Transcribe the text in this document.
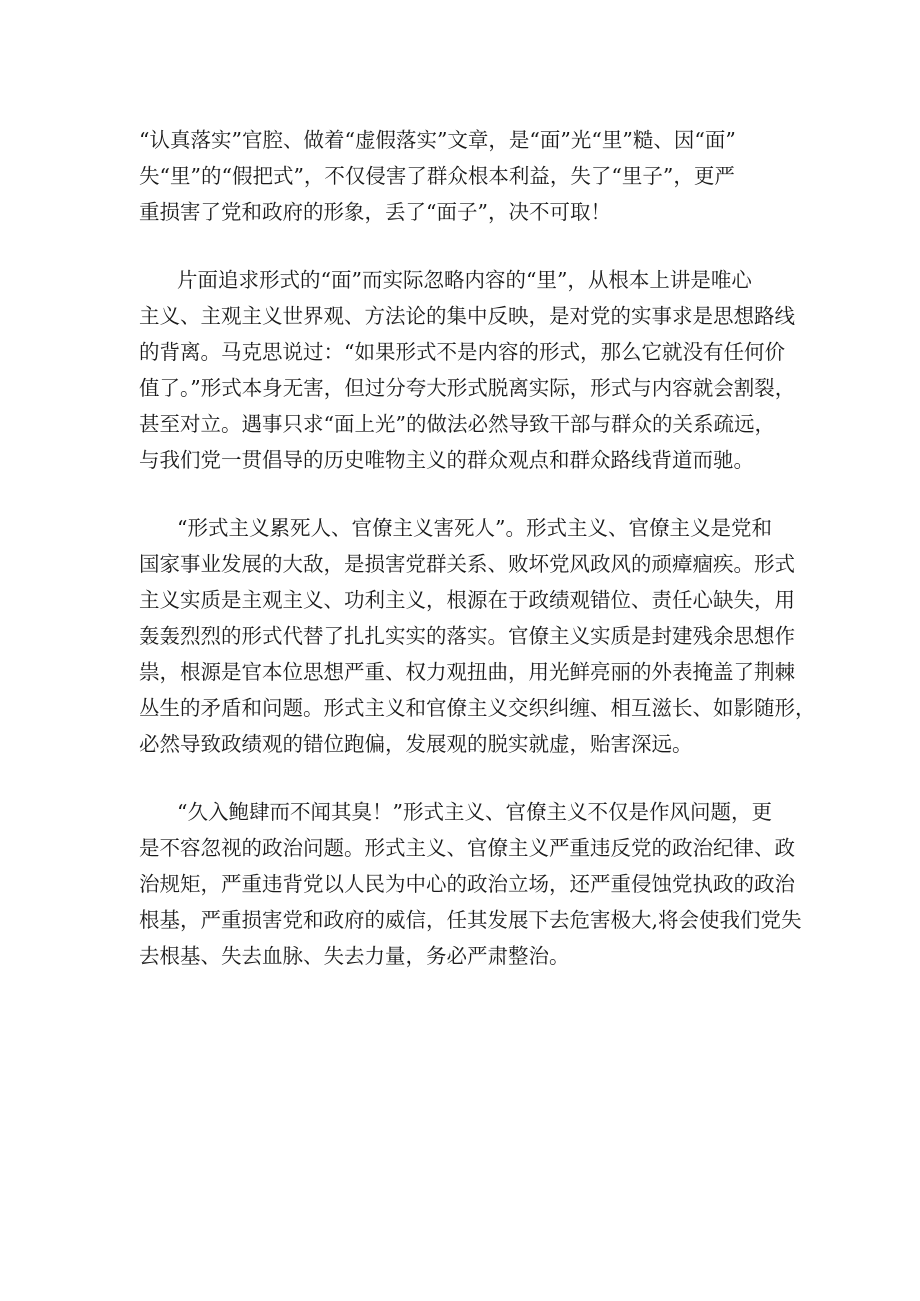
“认真落实”官腔、做着“虚假落实”文章，是“面”光“里”糙、因“面”
失“里”的“假把式”，不仅侵害了群众根本利益，失了“里子”，更严
重损害了党和政府的形象，丢了“面子”，决不可取！
片面追求形式的“面”而实际忽略内容的“里”，从根本上讲是唯心
主义、主观主义世界观、方法论的集中反映，是对党的实事求是思想路线
的背离。马克思说过：“如果形式不是内容的形式，那么它就没有任何价
值了。”形式本身无害，但过分夸大形式脱离实际，形式与内容就会割裂，
甚至对立。遇事只求“面上光”的做法必然导致干部与群众的关系疏远，
与我们党一贯倡导的历史唯物主义的群众观点和群众路线背道而驰。
“形式主义累死人、官僚主义害死人”。形式主义、官僚主义是党和
国家事业发展的大敌，是损害党群关系、败坏党风政风的顽瘴痼疾。形式
主义实质是主观主义、功利主义，根源在于政绩观错位、责任心缺失，用
轰轰烈烈的形式代替了扎扎实实的落实。官僚主义实质是封建残余思想作
祟，根源是官本位思想严重、权力观扭曲，用光鲜亮丽的外表掩盖了荆棘
丛生的矛盾和问题。形式主义和官僚主义交织纠缠、相互滋长、如影随形，
必然导致政绩观的错位跑偏，发展观的脱实就虚，贻害深远。
“久入鲍肆而不闻其臭！”形式主义、官僚主义不仅是作风问题，更
是不容忽视的政治问题。形式主义、官僚主义严重违反党的政治纪律、政
治规矩，严重违背党以人民为中心的政治立场，还严重侵蚀党执政的政治
根基，严重损害党和政府的威信，任其发展下去危害极大,将会使我们党失
去根基、失去血脉、失去力量，务必严肃整治。
